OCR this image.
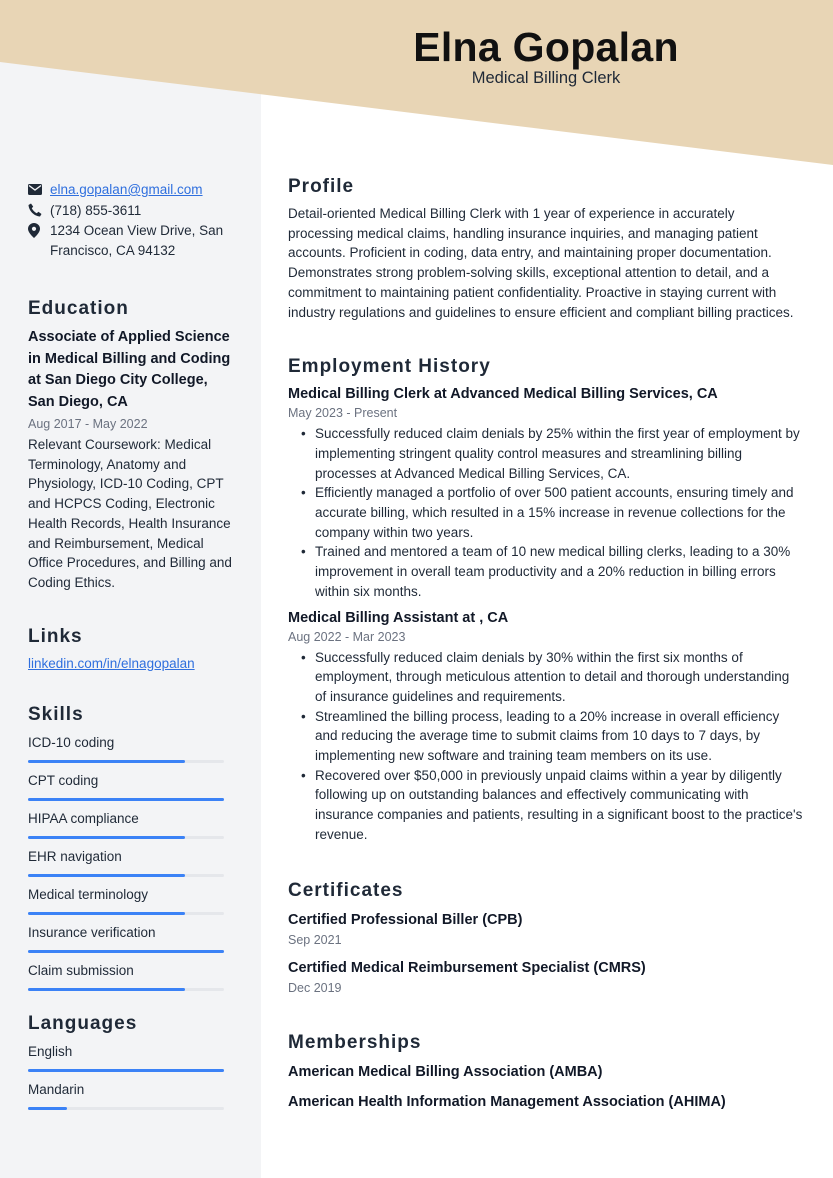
Elna Gopalan
Medical Billing Clerk
elna.gopalan@gmail.com
(718) 855-3611
1234 Ocean View Drive, San Francisco, CA 94132
Education
Associate of Applied Science in Medical Billing and Coding at San Diego City College, San Diego, CA
Aug 2017 - May 2022
Relevant Coursework: Medical Terminology, Anatomy and Physiology, ICD-10 Coding, CPT and HCPCS Coding, Electronic Health Records, Health Insurance and Reimbursement, Medical Office Procedures, and Billing and Coding Ethics.
Links
linkedin.com/in/elnagopalan
Skills
ICD-10 coding
CPT coding
HIPAA compliance
EHR navigation
Medical terminology
Insurance verification
Claim submission
Languages
English
Mandarin
Profile
Detail-oriented Medical Billing Clerk with 1 year of experience in accurately processing medical claims, handling insurance inquiries, and managing patient accounts. Proficient in coding, data entry, and maintaining proper documentation. Demonstrates strong problem-solving skills, exceptional attention to detail, and a commitment to maintaining patient confidentiality. Proactive in staying current with industry regulations and guidelines to ensure efficient and compliant billing practices.
Employment History
Medical Billing Clerk at Advanced Medical Billing Services, CA
May 2023 - Present
• Successfully reduced claim denials by 25% within the first year of employment by implementing stringent quality control measures and streamlining billing processes at Advanced Medical Billing Services, CA.
• Efficiently managed a portfolio of over 500 patient accounts, ensuring timely and accurate billing, which resulted in a 15% increase in revenue collections for the company within two years.
• Trained and mentored a team of 10 new medical billing clerks, leading to a 30% improvement in overall team productivity and a 20% reduction in billing errors within six months.
Medical Billing Assistant at , CA
Aug 2022 - Mar 2023
• Successfully reduced claim denials by 30% within the first six months of employment, through meticulous attention to detail and thorough understanding of insurance guidelines and requirements.
• Streamlined the billing process, leading to a 20% increase in overall efficiency and reducing the average time to submit claims from 10 days to 7 days, by implementing new software and training team members on its use.
• Recovered over $50,000 in previously unpaid claims within a year by diligently following up on outstanding balances and effectively communicating with insurance companies and patients, resulting in a significant boost to the practice's revenue.
Certificates
Certified Professional Biller (CPB)
Sep 2021
Certified Medical Reimbursement Specialist (CMRS)
Dec 2019
Memberships
American Medical Billing Association (AMBA)
American Health Information Management Association (AHIMA)
